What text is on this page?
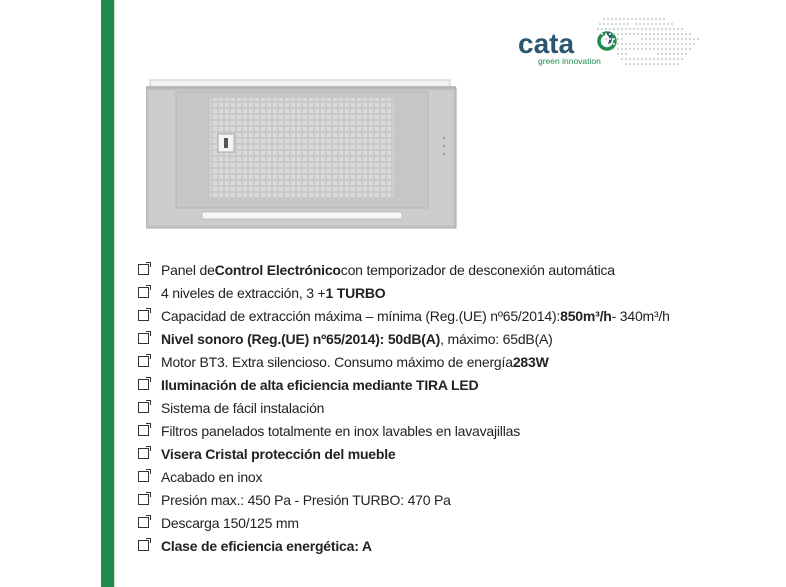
cata
green innovation
Panel de Control Electrónico con temporizador de desconexión automática
4 niveles de extracción, 3 + 1 TURBO
Capacidad de extracción máxima – mínima (Reg.(UE) nº65/2014): 850m³/h - 340m³/h
Nivel sonoro (Reg.(UE) nº65/2014): 50dB(A) , máximo: 65dB(A)
Motor BT3. Extra silencioso. Consumo máximo de energía 283W
Iluminación de alta eficiencia mediante TIRA LED
Sistema de fácil instalación
Filtros panelados totalmente en inox lavables en lavavajillas
Visera Cristal protección del mueble
Acabado en inox
Presión max.: 450 Pa - Presión TURBO: 470 Pa
Descarga 150/125 mm
Clase de eficiencia energética: A
